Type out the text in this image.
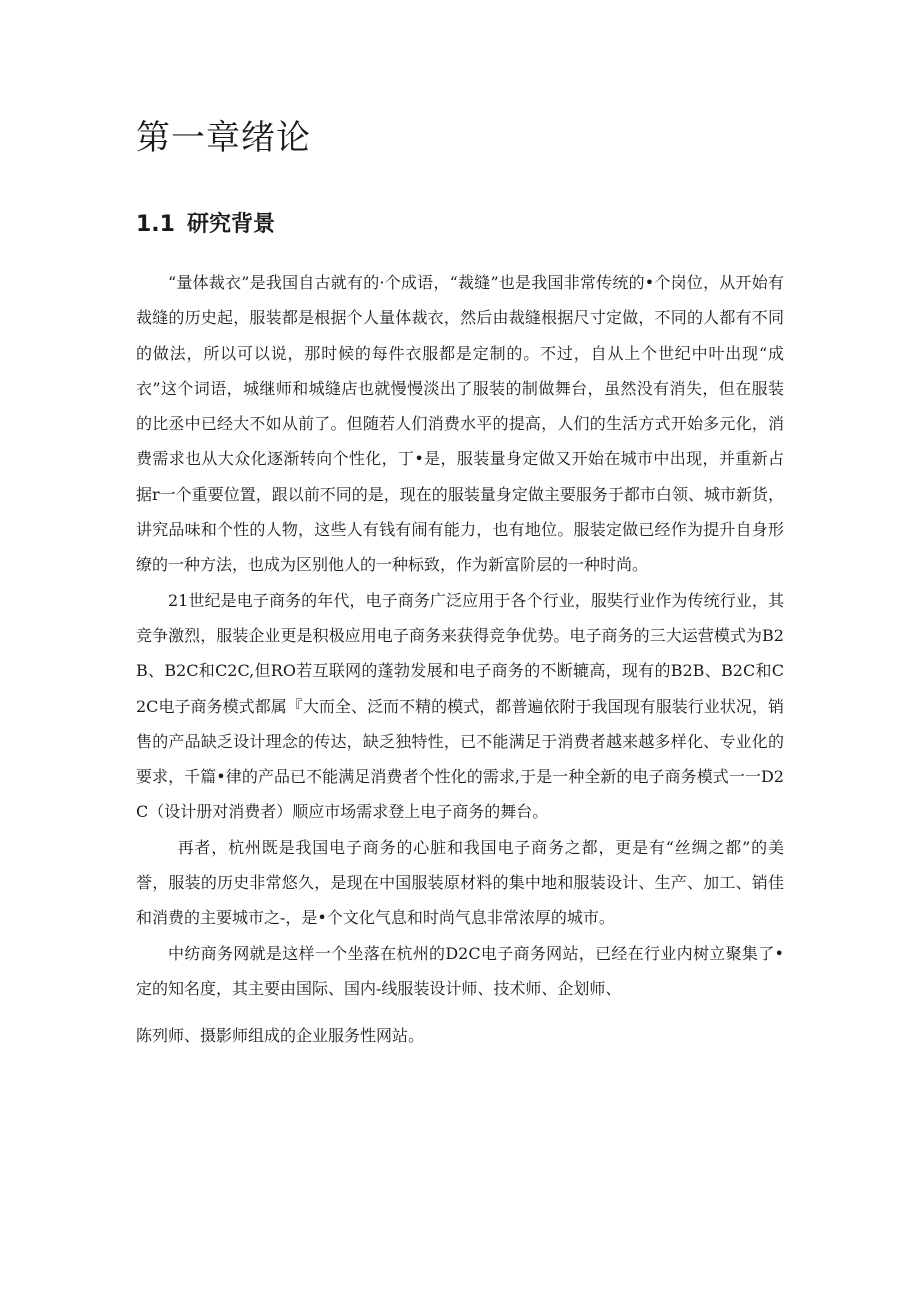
第一章绪论
1.1 研究背景

“量体裁衣”是我国自古就有的·个成语，“裁缝”也是我国非常传统的•个岗位，从开始有裁缝的历史起，服装都是根据个人量体裁衣，然后由裁缝根据尺寸定做，不同的人都有不同的做法，所以可以说，那时候的每件衣服都是定制的。不过，自从上个世纪中叶出现“成衣”这个词语，城继师和城缝店也就慢慢淡出了服装的制做舞台，虽然没有消失，但在服装的比丞中已经大不如从前了。但随若人们消费水平的提高，人们的生活方式开始多元化，消费需求也从大众化逐渐转向个性化，丁•是，服装量身定做又开始在城市中出现，并重新占据r一个重要位置，跟以前不同的是，现在的服装量身定做主要服务于都市白领、城市新货，讲究品味和个性的人物，这些人有钱有闹有能力，也有地位。服装定做已经作为提升自身形缭的一种方法，也成为区别他人的一种标致，作为新富阶层的一种时尚。

21世纪是电子商务的年代，电子商务广泛应用于各个行业，服奘行业作为传统行业，其竞争激烈，服装企业更是积极应用电子商务来获得竞争优势。电子商务的三大运营模式为B2B、B2C和C2C,但RO若互联网的蓬勃发展和电子商务的不断辘高，现有的B2B、B2C和C2C电子商务模式都属『大而全、泛而不精的模式，都普遍依附于我国现有服装行业状况，销售的产品缺乏设计理念的传达，缺乏独特性，已不能满足于消费者越来越多样化、专业化的要求，千篇•律的产品已不能满足消费者个性化的需求,于是一种全新的电子商务模式一一D2C（设计册对消费者）顺应市场需求登上电子商务的舞台。

再者，杭州既是我国电子商务的心脏和我国电子商务之都，更是有“丝绸之都”的美誉，服装的历史非常悠久，是现在中国服装原材料的集中地和服装设计、生产、加工、销佳和消费的主要城市之-，是•个文化气息和时尚气息非常浓厚的城市。

中纺商务网就是这样一个坐落在杭州的D2C电子商务网站，已经在行业内树立聚集了•定的知名度，其主要由国际、国内-线服装设计师、技术师、企划师、

陈列师、摄影师组成的企业服务性网站。
